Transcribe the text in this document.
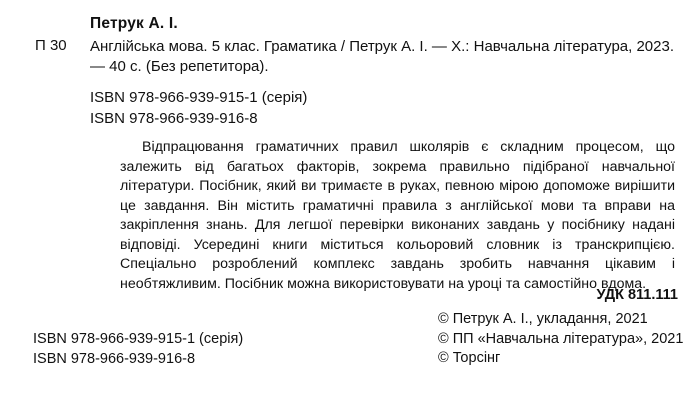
Петрук А. І.
П 30 Англійська мова. 5 клас. Граматика / Петрук А. І. — Х.: Навчальна література, 2023. — 40 с. (Без репетитора).
ISBN 978-966-939-915-1 (серія)
ISBN 978-966-939-916-8

Відпрацювання граматичних правил школярів є складним процесом, що залежить від багатьох факторів, зокрема правильно підібраної навчальної літератури. Посібник, який ви тримаєте в руках, певною мірою допоможе вирішити це завдання. Він містить граматичні правила з англійської мови та вправи на закріплення знань. Для легшої перевірки виконаних завдань у посібнику надані відповіді. Усередині книги міститься кольоровий словник із транскрипцією. Спеціально розроблений комплекс завдань зробить навчання цікавим і необтяжливим. Посібник можна використовувати на уроці та самостійно вдома.

УДК 811.111
ISBN 978-966-939-915-1 (серія)
ISBN 978-966-939-916-8
© Петрук А. І., укладання, 2021
© ПП «Навчальна література», 2021
© Торсінг
